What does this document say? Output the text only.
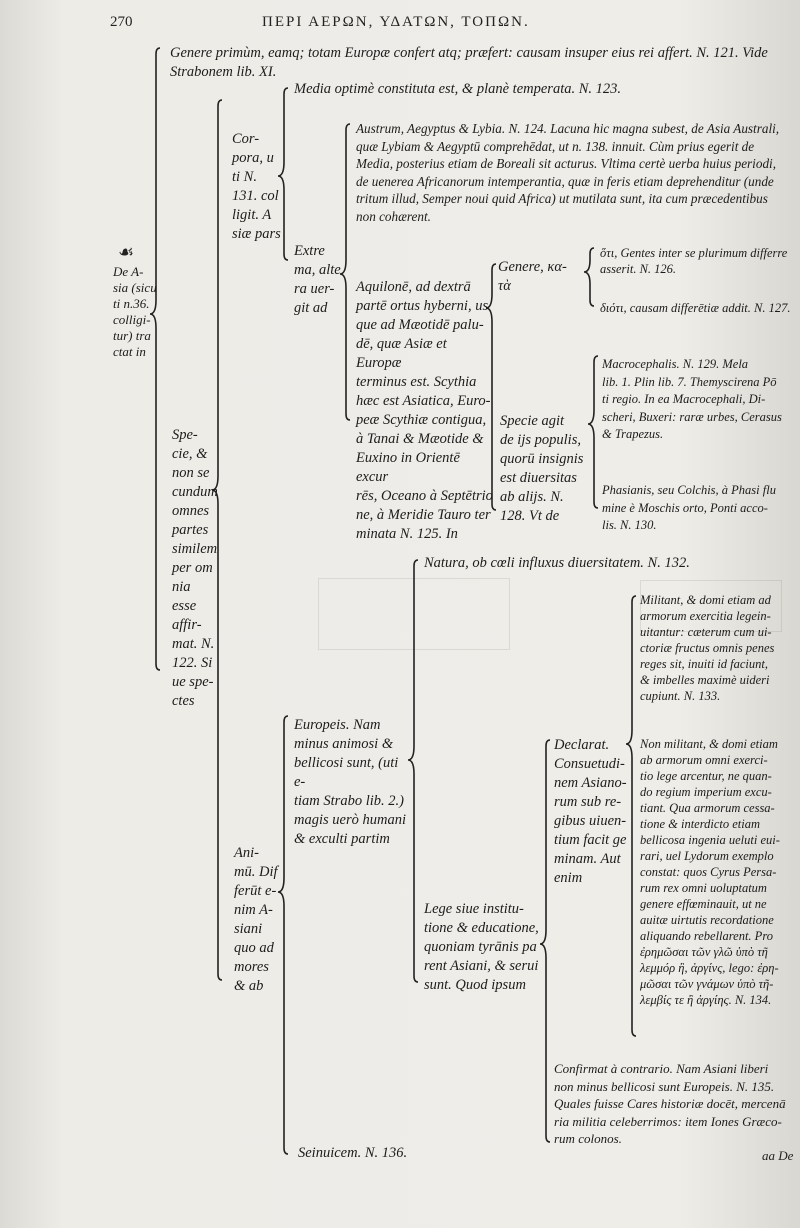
270	ΠΕΡΙ ΑΕΡΩΝ, ΥΔΑΤΩΝ, ΤΟΠΩΝ.
☙
De A-
sia (sicu
ti n.36.
colligi-
tur) tra
ctat in
Genere primùm, eamq; totam Europæ confert atq; præfert: causam insuper eius rei affert. N. 121. Vide Strabonem lib. XI.
Spe-
cie, &
non se
cundum
omnes
partes
similem
per om
nia esse
affir-
mat. N.
122. Si
ue spe-
ctes
Cor-
pora, u
ti N.
131. col
ligit. A
siæ pars
Media optimè constituta est, & planè temperata. N. 123.
Extre
ma, alte
ra uer-
git ad
Austrum, Aegyptus & Lybia. N. 124. Lacuna hic magna subest, de Asia Australi, quæ Lybiam & Aegyptū comprehēdat, ut n. 138. innuit. Cùm prius egerit de Media, posterius etiam de Boreali sit acturus. Vltima certè uerba huius periodi, de uenerea Africanorum intemperantia, quæ in feris etiam deprehenditur (unde tritum illud, Semper noui quid Africa) ut mutilata sunt, ita cum præcedentibus non cohærent.
Aquilonē, ad dextrā
partē ortus hyberni, us
que ad Mæotidē palu-
dē, quæ Asiæ et Europæ
terminus est. Scythia
hæc est Asiatica, Euro-
peæ Scythiæ contigua,
à Tanai & Mæotide &
Euxino in Orientē excur
rēs, Oceano à Septētrio
ne, à Meridie Tauro ter
minata N. 125. In
Genere, κα-
τὰ
ὅτι, Gentes inter se plurimum differre
asserit. N. 126.
διότι, causam differētiæ addit. N. 127.
Specie agit
de ijs populis,
quorū insignis
est diuersitas
ab alijs. N.
128. Vt de
Macrocephalis. N. 129. Mela
lib. 1. Plin lib. 7. Themyscirena Pō
ti regio. In ea Macrocephali, Di-
scheri, Buxeri: raræ urbes, Cerasus
& Trapezus.
Phasianis, seu Colchis, à Phasi flu
mine è Moschis orto, Ponti acco-
lis. N. 130.
Ani-
mū. Dif
ferūt e-
nim A-
siani
quo ad
mores
& ab
Europeis. Nam
minus animosi &
bellicosi sunt, (uti e-
tiam Strabo lib. 2.)
magis uerò humani
& exculti partim
Seinuicem. N. 136.
Natura, ob cœli influxus diuersitatem. N. 132.
Lege siue institu-
tione & educatione,
quoniam tyrānis pa
rent Asiani, & serui
sunt. Quod ipsum
Declarat.
Consuetudi-
nem Asiano-
rum sub re-
gibus uiuen-
tium facit ge
minam. Aut
enim
Militant, & domi etiam ad
armorum exercitia legein-
uitantur: cæterum cum ui-
ctoriæ fructus omnis penes
reges sit, inuiti id faciunt,
& imbelles maximè uideri
cupiunt. N. 133.
Non militant, & domi etiam
ab armorum omni exerci-
tio lege arcentur, ne quan-
do regium imperium excu-
tiant. Qua armorum cessa-
tione & interdicto etiam
bellicosa ingenia ueluti eui-
rari, uel Lydorum exemplo
constat: quos Cyrus Persa-
rum rex omni uoluptatum
genere effœminauit, ut ne
auitæ uirtutis recordatione
aliquando rebellarent. Pro
ἐρημῶσαι τῶν γλῶ ὑπὸ τῆ
λεμμόρ ἢ, ἀργίνς, lego: ἐρη-
μῶσαι τῶν γνάμων ὑπὸ τῆ-
λεμβίς τε ἢ ἀργίης. N. 134.
Confirmat à contrario. Nam Asiani liberi
non minus bellicosi sunt Europeis. N. 135.
Quales fuisse Cares historiæ docēt, mercenā
ria militia celeberrimos: item Iones Græco-
rum colonos.
aa De
